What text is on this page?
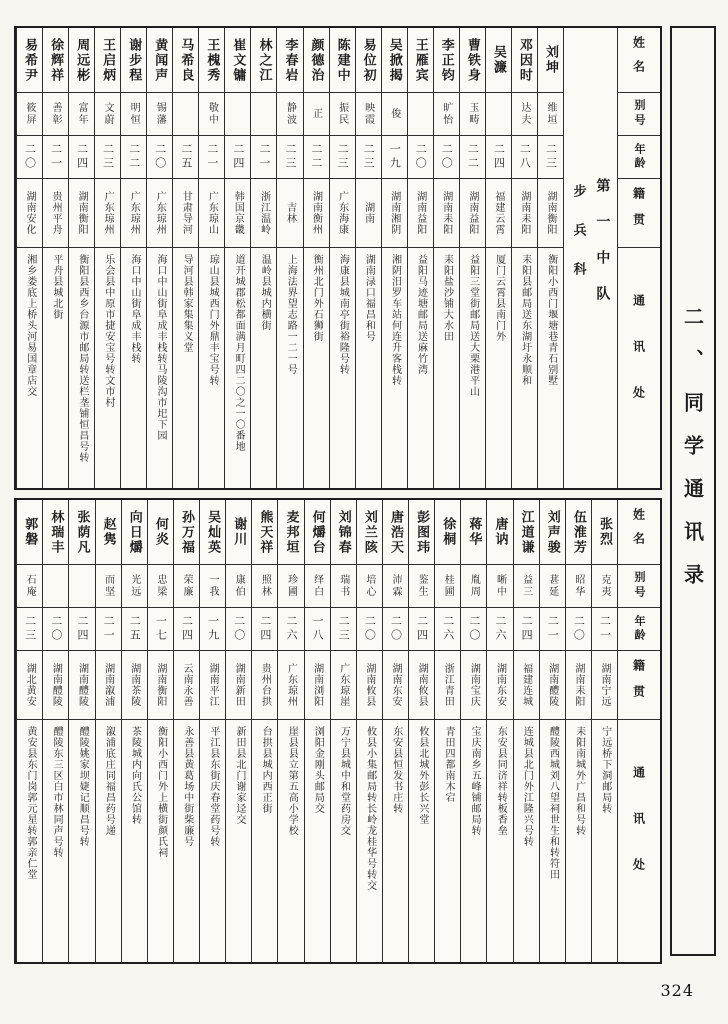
姓名
别号
年龄
籍贯
通讯处
步兵科 第一中队
刘坤
维垣
二三
湖南衡阳
衡阳小西门堰塘巷青石别墅
邓因时
达夫
二八
湖南耒阳
耒阳县邮局送东湖圩永顺和
吴濂
二四
福建云霄
厦门云霄县南门外
曹铁身
玉畴
二二
湖南益阳
益阳三堂街邮局送大栗港平山
李正钧
旷怡
二〇
湖南耒阳
耒阳盐沙铺大水田
王雁宾
二〇
湖南益阳
益阳马迹塘邮局送麻竹湾
吴掀揭
俊
一九
湖南湘阴
湘阴汨罗车站何连升客栈转
易位初
映霞
二三
湖南
湖南渌口福昌和号
陈建中
振民
二三
广东海康
海康县城南亭街裕隆号转
颜德治
正
二二
湖南衡州
衡州北门外石狮街
李春岩
静波
二三
吉林
上海法界望志路一二一号
林之江
二一
浙江温岭
温岭县城内横街
崔文镛
二四
韩国京畿
道开城郡松都面满月町四二〇之一〇番地
王槐秀
敬中
二一
广东琼山
琼山县城西门外鼎丰宝号转
马希良
二五
甘肃导河
导河县韩家集集义堂
黄闻声
锡藩
二〇
广东琼州
海口中山街阜成丰栈转马陵沟市圯下园
谢步程
明恒
二二
广东琼州
海口中山街阜成丰栈转
王启炳
文蔚
二三
广东琼州
乐会县中原市捷安宝号转文市村
周远彬
富年
二四
湖南衡阳
衡阳县西乡台源市邮局转送栏垄铺恒昌号转
徐辉祥
善彰
二一
贵州平舟
平舟县城北街
易希尹
筱屏
二〇
湖南安化
湘乡娄底上桥头河易国章店交
姓名
别号
年龄
籍贯
通讯处
张烈
克夷
二一
湖南宁远
宁远桥下洞邮局转
伍淮芳
昭华
二〇
湖南耒阳
耒阳南城外广昌和号转
刘声骏
葚延
二一
湖南醴陵
醴陵西城刘八望祠世生和转符田
江道谦
益三
二四
福建连城
连城县北门外江隆兴号转
唐讷
晰中
二六
湖南东安
东安县同济祥转板香垒
蒋华
胤周
二〇
湖南宝庆
宝庆南乡五峰铺邮局转
徐桐
桂圃
二六
浙江青田
青田四都南木宕
彭图玮
鉴生
二四
湖南攸县
攸县北城外彭长兴堂
唐浩天
沛霖
二〇
湖南东安
东安县恒发书庄转
刘兰陔
培心
二〇
湖南攸县
攸县小集邮局转长岭龙桂华号转交
刘锦春
瑞书
二三
广东琼崖
万宁县城中和堂药房交
何爝台
绎白
一八
湖南浏阳
浏阳金刚头邮局交
麦邦垣
珍圃
二六
广东琼州
崖县县立第五高小学校
熊天祥
照林
二四
贵州台拱
台拱县城内西正街
谢川
康伯
二〇
湖南新田
新田县北门谢家迳交
吴灿英
一我
一九
湖南平江
平江县东街庆春堂药号转
孙万福
荣廉
二四
云南永善
永善县黄葛场中街柴廉号
何炎
忠梁
一七
湖南衡阳
衡阳小西门外上横街颜氏祠
向日爝
光远
二五
湖南茶陵
茶陵城内向氏公馆转
赵隽
而坚
二一
湖南溆浦
溆浦底庄同福昌药号递
张荫凡
二四
湖南醴陵
醴陵姚家坝婕记顺昌号转
林瑞丰
二〇
湖南醴陵
醴陵东三区白市林同声号转
郭磐
石庵
二三
湖北黄安
黄安县东门岗郭元星转郭亲仁堂
二、同学通讯录
324
